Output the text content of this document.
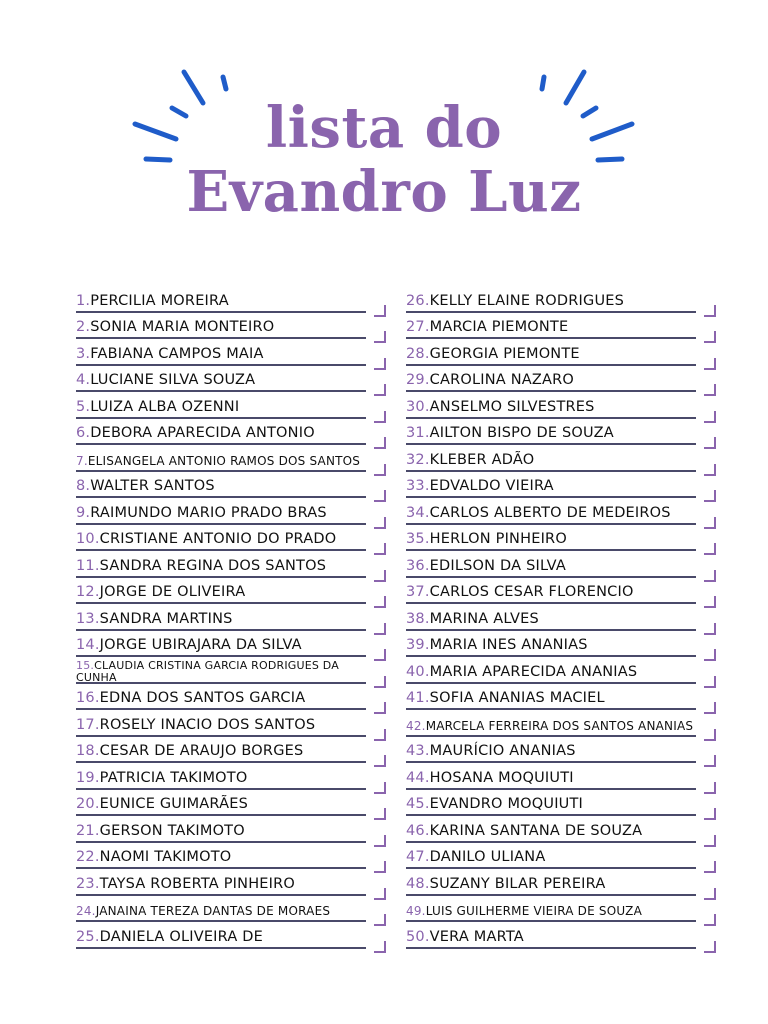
lista do
Evandro Luz
1.PERCILIA MOREIRA
2.SONIA MARIA MONTEIRO
3.FABIANA CAMPOS MAIA
4.LUCIANE SILVA SOUZA
5.LUIZA ALBA OZENNI
6.DEBORA APARECIDA ANTONIO
7.ELISANGELA ANTONIO RAMOS DOS SANTOS
8.WALTER SANTOS
9.RAIMUNDO MARIO PRADO BRAS
10.CRISTIANE ANTONIO DO PRADO
11.SANDRA REGINA DOS SANTOS
12.JORGE DE OLIVEIRA
13.SANDRA MARTINS
14.JORGE UBIRAJARA DA SILVA
15.CLAUDIA CRISTINA GARCIA RODRIGUES DA CUNHA
16.EDNA DOS SANTOS GARCIA
17.ROSELY INACIO DOS SANTOS
18.CESAR DE ARAUJO BORGES
19.PATRICIA TAKIMOTO
20.EUNICE GUIMARÃES
21.GERSON TAKIMOTO
22.NAOMI TAKIMOTO
23.TAYSA ROBERTA PINHEIRO
24.JANAINA TEREZA DANTAS DE MORAES
25.DANIELA OLIVEIRA DE
26.KELLY ELAINE RODRIGUES
27.MARCIA PIEMONTE
28.GEORGIA PIEMONTE
29.CAROLINA NAZARO
30.ANSELMO SILVESTRES
31.AILTON BISPO DE SOUZA
32.KLEBER ADÃO
33.EDVALDO VIEIRA
34.CARLOS ALBERTO DE MEDEIROS
35.HERLON PINHEIRO
36.EDILSON DA SILVA
37.CARLOS CESAR FLORENCIO
38.MARINA ALVES
39.MARIA INES ANANIAS
40.MARIA APARECIDA ANANIAS
41.SOFIA ANANIAS MACIEL
42.MARCELA FERREIRA DOS SANTOS ANANIAS
43.MAURÍCIO ANANIAS
44.HOSANA MOQUIUTI
45.EVANDRO MOQUIUTI
46.KARINA SANTANA DE SOUZA
47.DANILO ULIANA
48.SUZANY BILAR PEREIRA
49.LUIS GUILHERME VIEIRA DE SOUZA
50.VERA MARTA
